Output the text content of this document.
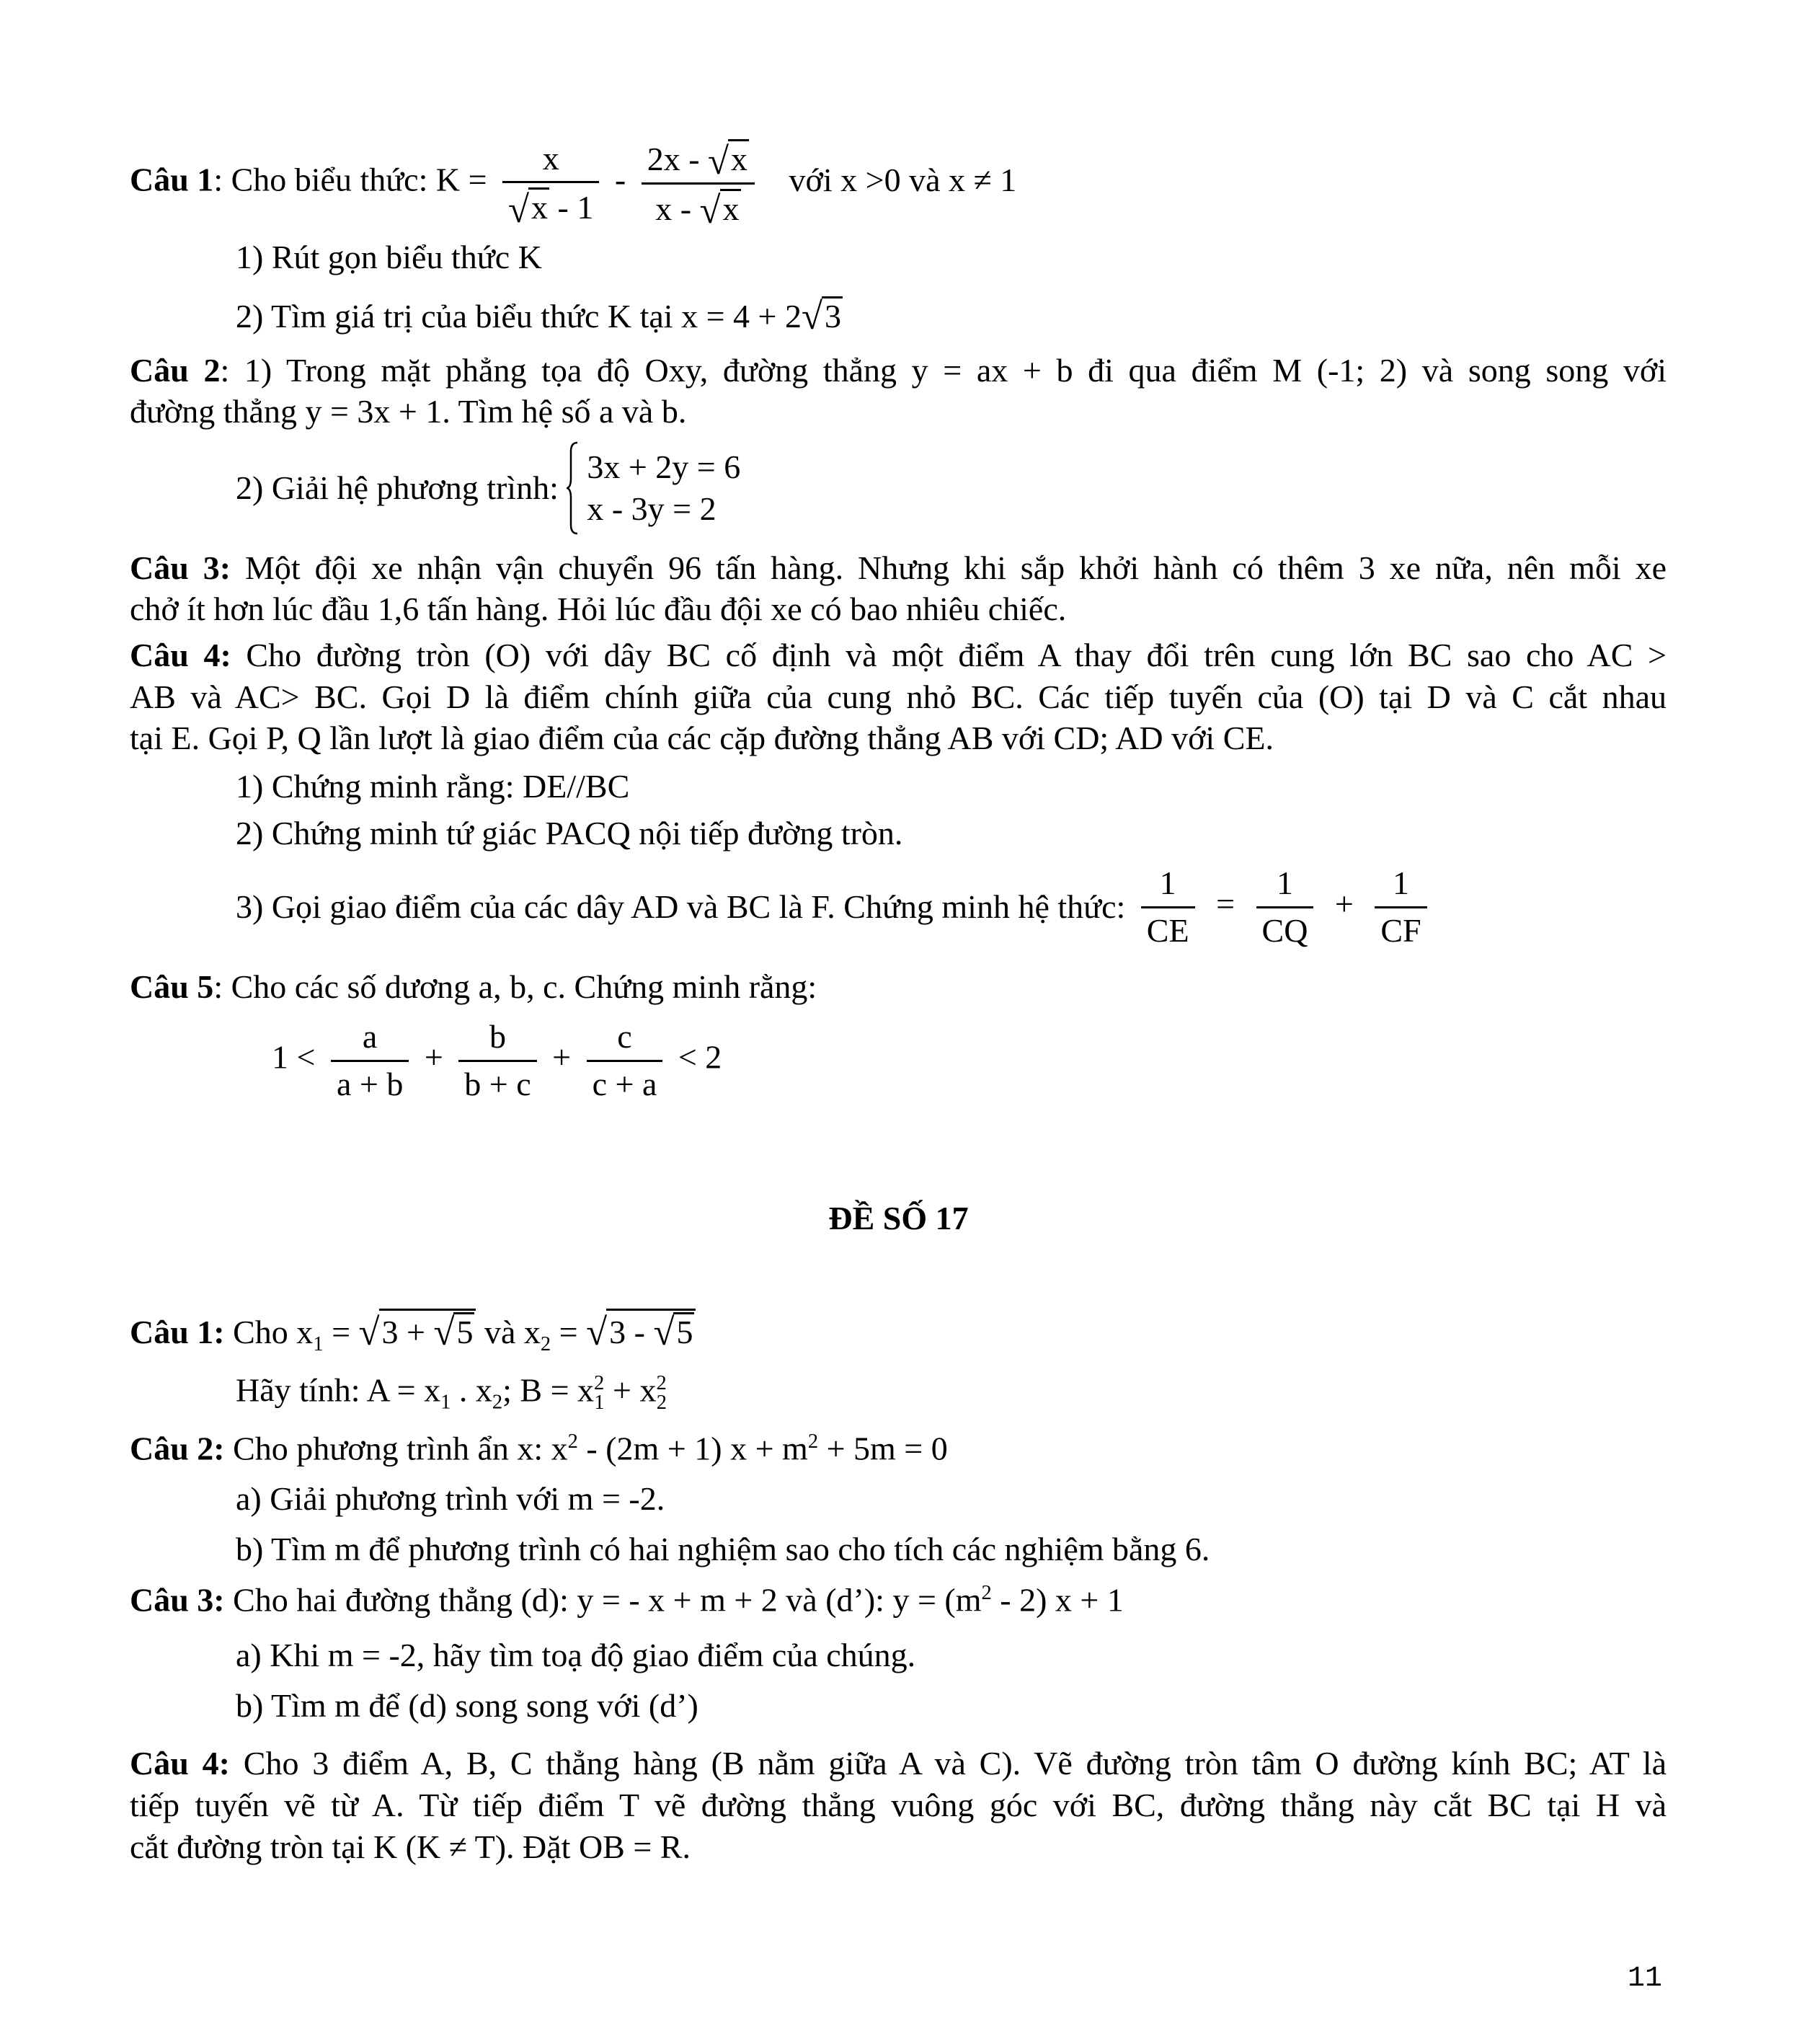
Câu 1: Cho biểu thức: $K = \frac{x}{√ x - 1} - \frac{2x - √ x}{x - √ x}$ với x >0 và x ≠ 1
1) Rút gọn biểu thức K
2) Tìm giá trị của biểu thức K tại x = 4 + 2 √ 3
Câu 2: 1) Trong mặt phẳng tọa độ Oxy, đường thẳng y = ax + b đi qua điểm M (-1; 2) và song song với
đường thẳng y = 3x + 1. Tìm hệ số a và b.
2) Giải hệ phương trình:
3x + 2y = 6
x - 3y = 2
Câu 3: Một đội xe nhận vận chuyển 96 tấn hàng. Nhưng khi sắp khởi hành có thêm 3 xe nữa, nên mỗi xe
chở ít hơn lúc đầu 1,6 tấn hàng. Hỏi lúc đầu đội xe có bao nhiêu chiếc.
Câu 4: Cho đường tròn (O) với dây BC cố định và một điểm A thay đổi trên cung lớn BC sao cho AC >
AB và AC> BC. Gọi D là điểm chính giữa của cung nhỏ BC. Các tiếp tuyến của (O) tại D và C cắt nhau
tại E. Gọi P, Q lần lượt là giao điểm của các cặp đường thẳng AB với CD; AD với CE.
1) Chứng minh rằng: DE//BC
2) Chứng minh tứ giác PACQ nội tiếp đường tròn.
3) Gọi giao điểm của các dây AD và BC là F. Chứng minh hệ thức: $\frac{1}{CE} = \frac{1}{CQ} + \frac{1}{CF}$
Câu 5: Cho các số dương a, b, c. Chứng minh rằng:
$1 < \frac{a}{a + b} + \frac{b}{b + c} + \frac{c}{c + a} < 2$
ĐỀ SỐ 17
Câu 1: Cho $x_1$ = √ 3 + √ 5 và $x_2$ = √ 3 - √ 5
Hãy tính: $A = x_1$ . $x_2$; $B = x^2_1 + x^2_2$
Câu 2: Cho phương trình ẩn x: $x^2 - (2m + 1) x + m^2 + 5m = 0$
a) Giải phương trình với m = -2.
b) Tìm m để phương trình có hai nghiệm sao cho tích các nghiệm bằng 6.
Câu 3: Cho hai đường thẳng (d): y = - x + m + 2 và (d’): $y = (m^2 - 2) x + 1$
a) Khi m = -2, hãy tìm toạ độ giao điểm của chúng.
b) Tìm m để (d) song song với (d’)
Câu 4: Cho 3 điểm A, B, C thẳng hàng (B nằm giữa A và C). Vẽ đường tròn tâm O đường kính BC; AT là
tiếp tuyến vẽ từ A. Từ tiếp điểm T vẽ đường thẳng vuông góc với BC, đường thẳng này cắt BC tại H và
cắt đường tròn tại K (K ≠ T). Đặt OB = R.
11
